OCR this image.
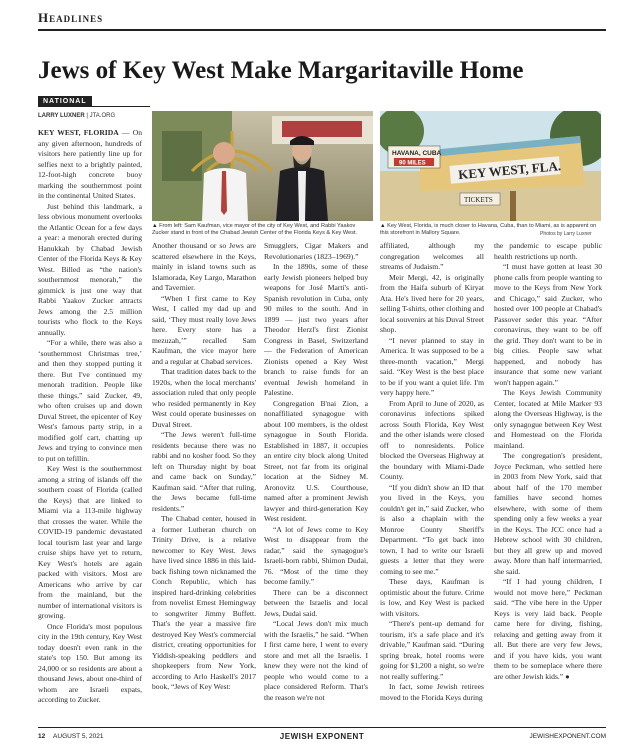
Headlines
Jews of Key West Make Margaritaville Home
NATIONAL
LARRY LUXNER | JTA.ORG

KEY WEST, FLORIDA — On any given afternoon, hundreds of visitors here patiently line up for selfies next to a brightly painted, 12-foot-high concrete buoy marking the southernmost point in the continental United States.

Just behind this landmark, a less obvious monument overlooks the Atlantic Ocean for a few days a year: a menorah erected during Hanukkah by Chabad Jewish Center of the Florida Keys & Key West. Billed as “the nation's southernmost menorah,” the gimmick is just one way that Rabbi Yaakov Zucker attracts Jews among the 2.5 million tourists who flock to the Keys annually.

“For a while, there was also a ‘southernmost Christmas tree,’ and then they stopped putting it there. But I've continued my menorah tradition. People like these things,” said Zucker, 49, who often cruises up and down Duval Street, the epicenter of Key West's famous party strip, in a modified golf cart, chatting up Jews and trying to convince men to put on tefillin.

Key West is the southernmost among a string of islands off the southern coast of Florida (called the Keys) that are linked to Miami via a 113-mile highway that crosses the water. While the COVID-19 pandemic devastated local tourism last year and large cruise ships have yet to return, Key West's hotels are again packed with visitors. Most are Americans who arrive by car from the mainland, but the number of international visitors is growing.

Once Florida's most populous city in the 19th century, Key West today doesn't even rank in the state's top 150. But among its 24,000 or so residents are about a thousand Jews, about one-third of whom are Israeli expats, according to Zucker.

▲ From left: Sam Kaufman, vice mayor of the city of Key West, and Rabbi Yaakov Zucker stand in front of the Chabad Jewish Center of the Florida Keys & Key West.
KEY WEST, FLA.
HAVANA, CUBA
90 MILES
TICKETS
▲ Key West, Florida, is much closer to Havana, Cuba, than to Miami, as is apparent on this storefront in Mallory Square.	Photos by Larry Luxner

Another thousand or so Jews are scattered elsewhere in the Keys, mainly in island towns such as Islamorada, Key Largo, Marathon and Tavernier.

“When I first came to Key West, I called my dad up and said, ‘They must really love Jews here. Every store has a mezuzah,’” recalled Sam Kaufman, the vice mayor here and a regular at Chabad services.

That tradition dates back to the 1920s, when the local merchants' association ruled that only people who resided permanently in Key West could operate businesses on Duval Street.

“The Jews weren't full-time residents because there was no rabbi and no kosher food. So they left on Thursday night by boat and came back on Sunday,” Kaufman said. “After that ruling, the Jews became full-time residents.”

The Chabad center, housed in a former Lutheran church on Trinity Drive, is a relative newcomer to Key West. Jews have lived since 1886 in this laid-back fishing town nicknamed the Conch Republic, which has inspired hard-drinking celebrities from novelist Ernest Hemingway to songwriter Jimmy Buffett. That's the year a massive fire destroyed Key West's commercial district, creating opportunities for Yiddish-speaking peddlers and shopkeepers from New York, according to Arlo Haskell's 2017 book, “Jews of Key West:

Smugglers, Cigar Makers and Revolutionaries (1823–1969).”

In the 1890s, some of these early Jewish pioneers helped buy weapons for José Martí's anti-Spanish revolution in Cuba, only 90 miles to the south. And in 1899 — just two years after Theodor Herzl's first Zionist Congress in Basel, Switzerland — the Federation of American Zionists opened a Key West branch to raise funds for an eventual Jewish homeland in Palestine.

Congregation B'nai Zion, a nonaffiliated synagogue with about 100 members, is the oldest synagogue in South Florida. Established in 1887, it occupies an entire city block along United Street, not far from its original location at the Sidney M. Aronovitz U.S. Courthouse, named after a prominent Jewish lawyer and third-generation Key West resident.

“A lot of Jews come to Key West to disappear from the radar,” said the synagogue's Israeli-born rabbi, Shimon Dudai, 76. “Most of the time they become family.”

There can be a disconnect between the Israelis and local Jews, Dudai said.

“Local Jews don't mix much with the Israelis,” he said. “When I first came here, I went to every store and met all the Israelis. I knew they were not the kind of people who would come to a place considered Reform. That's the reason we're not

affiliated, although my congregation welcomes all streams of Judaism.”

Meir Mergi, 42, is originally from the Haifa suburb of Kiryat Ata. He's lived here for 20 years, selling T-shirts, other clothing and local souvenirs at his Duval Street shop.

“I never planned to stay in America. It was supposed to be a three-month vacation,” Mergi said. “Key West is the best place to be if you want a quiet life. I'm very happy here.”

From April to June of 2020, as coronavirus infections spiked across South Florida, Key West and the other islands were closed off to nonresidents. Police blocked the Overseas Highway at the boundary with Miami-Dade County.

“If you didn't show an ID that you lived in the Keys, you couldn't get in,” said Zucker, who is also a chaplain with the Monroe County Sheriff's Department. “To get back into town, I had to write our Israeli guests a letter that they were coming to see me.”

These days, Kaufman is optimistic about the future. Crime is low, and Key West is packed with visitors.

“There's pent-up demand for tourism, it's a safe place and it's drivable,” Kaufman said. “During spring break, hotel rooms were going for $1,200 a night, so we're not really suffering.”

In fact, some Jewish retirees moved to the Florida Keys during

the pandemic to escape public health restrictions up north.

“I must have gotten at least 30 phone calls from people wanting to move to the Keys from New York and Chicago,” said Zucker, who hosted over 100 people at Chabad's Passover seder this year. “After coronavirus, they want to be off the grid. They don't want to be in big cities. People saw what happened, and nobody has insurance that some new variant won't happen again.”

The Keys Jewish Community Center, located at Mile Marker 93 along the Overseas Highway, is the only synagogue between Key West and Homestead on the Florida mainland.

The congregation's president, Joyce Peckman, who settled here in 2003 from New York, said that about half of the 170 member families have second homes elsewhere, with some of them spending only a few weeks a year in the Keys. The JCC once had a Hebrew school with 30 children, but they all grew up and moved away. More than half intermarried, she said.

“If I had young children, I would not move here,” Peckman said. “The vibe here in the Upper Keys is very laid back. People came here for diving, fishing, relaxing and getting away from it all. But there are very few Jews, and if you have kids, you want them to be someplace where there are other Jewish kids.” ●

12 AUGUST 5, 2021	JEWISH EXPONENT	JEWISHEXPONENT.COM
